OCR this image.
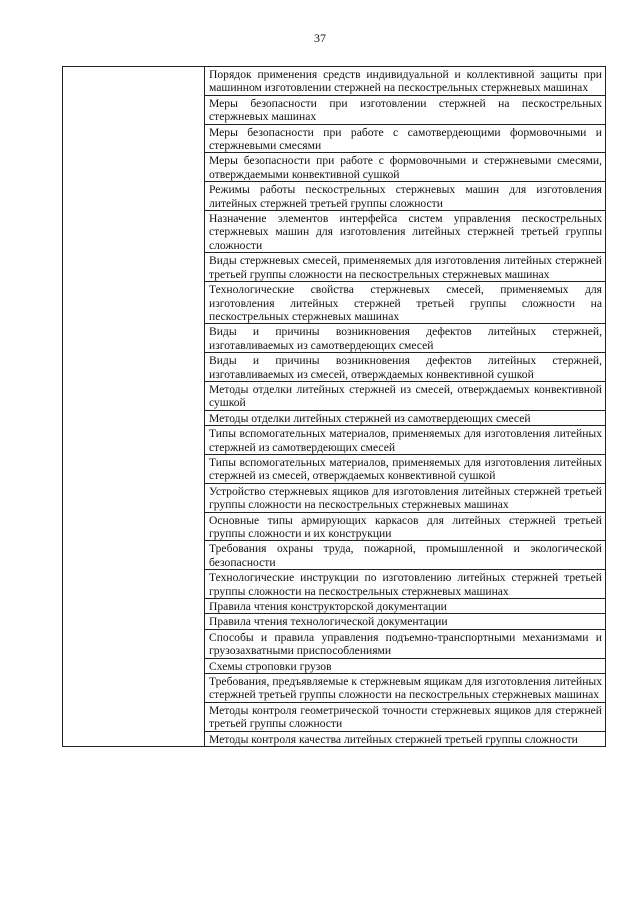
37
	Порядок применения средств индивидуальной и коллективной защиты при машинном изготовлении стержней на пескострельных стержневых машинах
Меры безопасности при изготовлении стержней на пескострельных стержневых машинах
Меры безопасности при работе с самотвердеющими формовочными и стержневыми смесями
Меры безопасности при работе с формовочными и стержневыми смесями, отверждаемыми конвективной сушкой
Режимы работы пескострельных стержневых машин для изготовления литейных стержней третьей группы сложности
Назначение элементов интерфейса систем управления пескострельных стержневых машин для изготовления литейных стержней третьей группы сложности
Виды стержневых смесей, применяемых для изготовления литейных стержней третьей группы сложности на пескострельных стержневых машинах
Технологические свойства стержневых смесей, применяемых для изготовления литейных стержней третьей группы сложности на пескострельных стержневых машинах
Виды и причины возникновения дефектов литейных стержней, изготавливаемых из самотвердеющих смесей
Виды и причины возникновения дефектов литейных стержней, изготавливаемых из смесей, отверждаемых конвективной сушкой
Методы отделки литейных стержней из смесей, отверждаемых конвективной сушкой
Методы отделки литейных стержней из самотвердеющих смесей
Типы вспомогательных материалов, применяемых для изготовления литейных стержней из самотвердеющих смесей
Типы вспомогательных материалов, применяемых для изготовления литейных стержней из смесей, отверждаемых конвективной сушкой
Устройство стержневых ящиков для изготовления литейных стержней третьей группы сложности на пескострельных стержневых машинах
Основные типы армирующих каркасов для литейных стержней третьей группы сложности и их конструкции
Требования охраны труда, пожарной, промышленной и экологической безопасности
Технологические инструкции по изготовлению литейных стержней третьей группы сложности на пескострельных стержневых машинах
Правила чтения конструкторской документации
Правила чтения технологической документации
Способы и правила управления подъемно-транспортными механизмами и грузозахватными приспособлениями
Схемы строповки грузов
Требования, предъявляемые к стержневым ящикам для изготовления литейных стержней третьей группы сложности на пескострельных стержневых машинах
Методы контроля геометрической точности стержневых ящиков для стержней третьей группы сложности
Методы контроля качества литейных стержней третьей группы сложности
